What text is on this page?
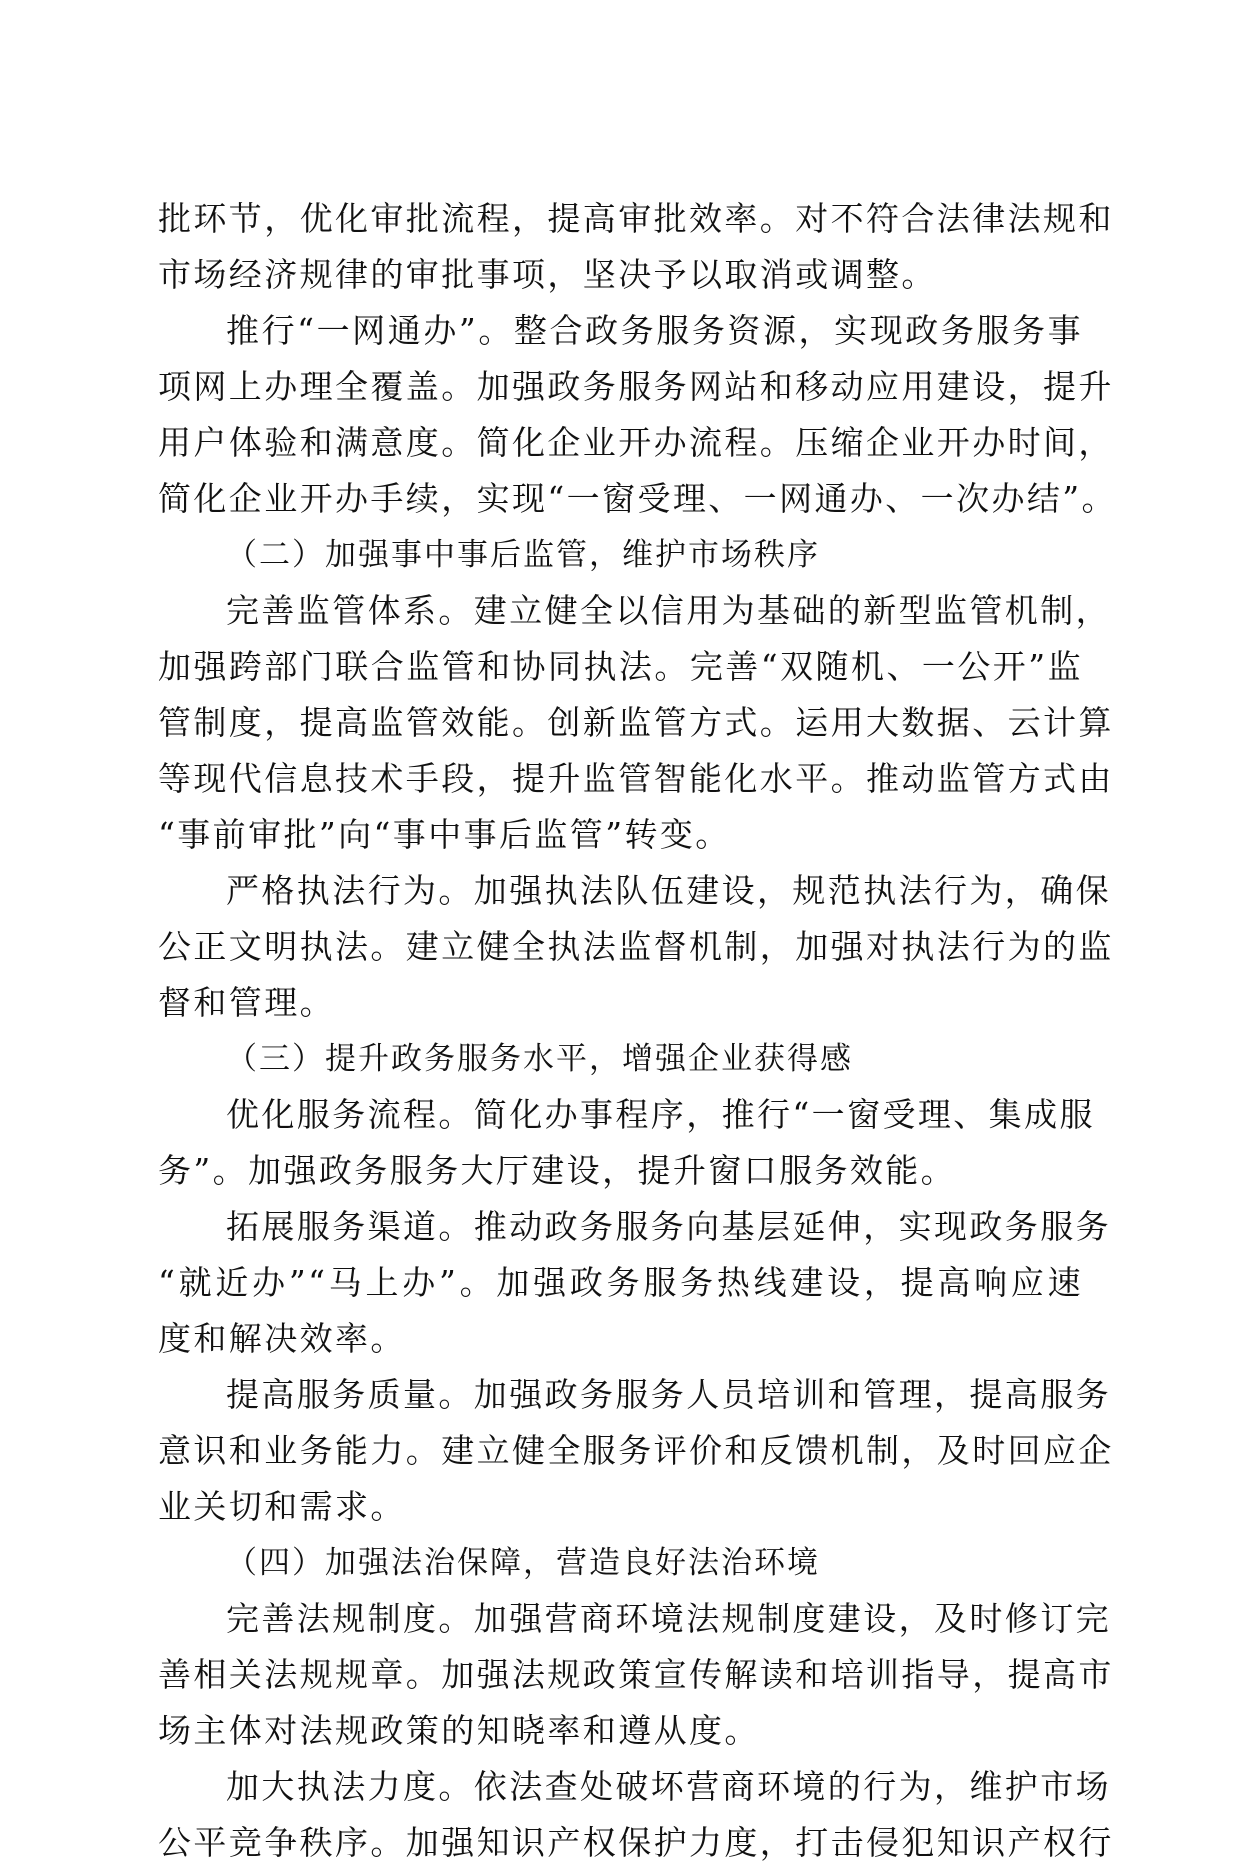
批环节，优化审批流程，提高审批效率。对不符合法律法规和
市场经济规律的审批事项，坚决予以取消或调整。
推行“一网通办”。整合政务服务资源，实现政务服务事
项网上办理全覆盖。加强政务服务网站和移动应用建设，提升
用户体验和满意度。简化企业开办流程。压缩企业开办时间，
简化企业开办手续，实现“一窗受理、一网通办、一次办结”。
（二）加强事中事后监管，维护市场秩序
完善监管体系。建立健全以信用为基础的新型监管机制，
加强跨部门联合监管和协同执法。完善“双随机、一公开”监
管制度，提高监管效能。创新监管方式。运用大数据、云计算
等现代信息技术手段，提升监管智能化水平。推动监管方式由
“事前审批”向“事中事后监管”转变。
严格执法行为。加强执法队伍建设，规范执法行为，确保
公正文明执法。建立健全执法监督机制，加强对执法行为的监
督和管理。
（三）提升政务服务水平，增强企业获得感
优化服务流程。简化办事程序，推行“一窗受理、集成服
务”。加强政务服务大厅建设，提升窗口服务效能。
拓展服务渠道。推动政务服务向基层延伸，实现政务服务
“就近办”“马上办”。加强政务服务热线建设，提高响应速
度和解决效率。
提高服务质量。加强政务服务人员培训和管理，提高服务
意识和业务能力。建立健全服务评价和反馈机制，及时回应企
业关切和需求。
（四）加强法治保障，营造良好法治环境
完善法规制度。加强营商环境法规制度建设，及时修订完
善相关法规规章。加强法规政策宣传解读和培训指导，提高市
场主体对法规政策的知晓率和遵从度。
加大执法力度。依法查处破坏营商环境的行为，维护市场
公平竞争秩序。加强知识产权保护力度，打击侵犯知识产权行
